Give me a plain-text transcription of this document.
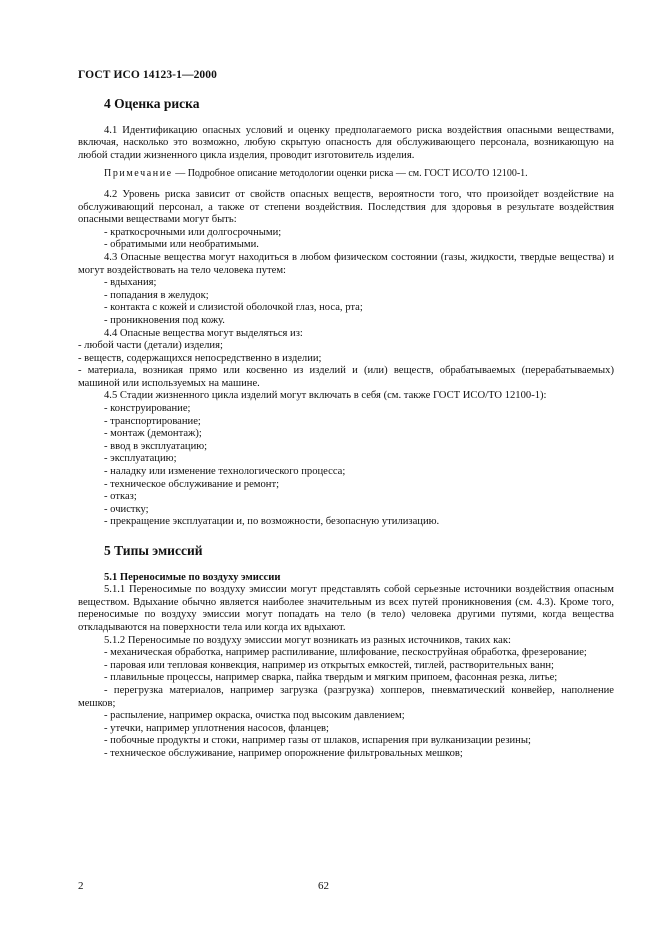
ГОСТ ИСО 14123-1—2000
4 Оценка риска

4.1 Идентификацию опасных условий и оценку предполагаемого риска воздействия опасными веществами, включая, насколько это возможно, любую скрытую опасность для обслуживающего персонала, возникающую на любой стадии жизненного цикла изделия, проводит изготовитель изделия.

Примечание — Подробное описание методологии оценки риска — см. ГОСТ ИСО/ТО 12100-1.

4.2 Уровень риска зависит от свойств опасных веществ, вероятности того, что произойдет воздействие на обслуживающий персонал, а также от степени воздействия. Последствия для здоровья в результате воздействия опасными веществами могут быть:

- краткосрочными или долгосрочными;
- обратимыми или необратимыми.

4.3 Опасные вещества могут находиться в любом физическом состоянии (газы, жидкости, твердые вещества) и могут воздействовать на тело человека путем:

- вдыхания;
- попадания в желудок;
- контакта с кожей и слизистой оболочкой глаз, носа, рта;
- проникновения под кожу.

4.4 Опасные вещества могут выделяться из:

- любой части (детали) изделия;
- веществ, содержащихся непосредственно в изделии;
- материала, возникая прямо или косвенно из изделий и (или) веществ, обрабатываемых (перерабатываемых) машиной или используемых на машине.

4.5 Стадии жизненного цикла изделий могут включать в себя (см. также ГОСТ ИСО/ТО 12100-1):

- конструирование;
- транспортирование;
- монтаж (демонтаж);
- ввод в эксплуатацию;
- эксплуатацию;
- наладку или изменение технологического процесса;
- техническое обслуживание и ремонт;
- отказ;
- очистку;
- прекращение эксплуатации и, по возможности, безопасную утилизацию.
5 Типы эмиссий
5.1 Переносимые по воздуху эмиссии

5.1.1 Переносимые по воздуху эмиссии могут представлять собой серьезные источники воздействия опасным веществом. Вдыхание обычно является наиболее значительным из всех путей проникновения (см. 4.3). Кроме того, переносимые по воздуху эмиссии могут попадать на тело (в тело) человека другими путями, когда вещества откладываются на поверхности тела или когда их вдыхают.

5.1.2 Переносимые по воздуху эмиссии могут возникать из разных источников, таких как:

- механическая обработка, например распиливание, шлифование, пескоструйная обработка, фрезерование;
- паровая или тепловая конвекция, например из открытых емкостей, тиглей, растворительных ванн;
- плавильные процессы, например сварка, пайка твердым и мягким припоем, фасонная резка, литье;
- перегрузка материалов, например загрузка (разгрузка) хопперов, пневматический конвейер, наполнение мешков;
- распыление, например окраска, очистка под высоким давлением;
- утечки, например уплотнения насосов, фланцев;
- побочные продукты и стоки, например газы от шлаков, испарения при вулканизации резины;
- техническое обслуживание, например опорожнение фильтровальных мешков;
2	62
